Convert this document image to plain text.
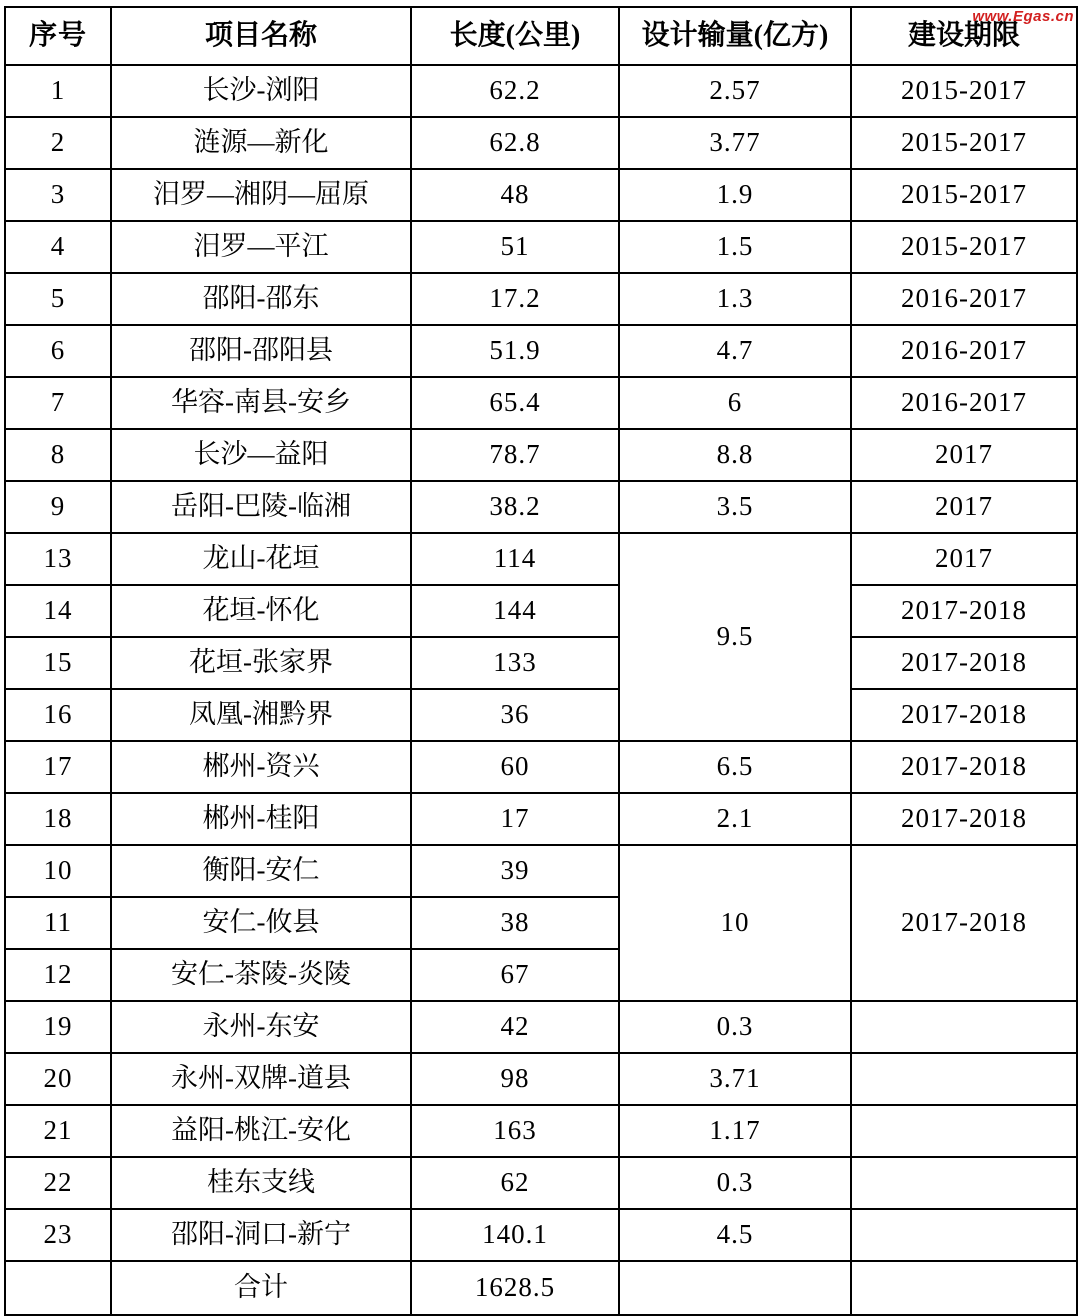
www.Egas.cn
序号	项目名称	长度(公里)	设计输量(亿方)	建设期限
1	长沙-浏阳	62.2	2.57	2015-2017
2	涟源—新化	62.8	3.77	2015-2017
3	汨罗—湘阴—屈原	48	1.9	2015-2017
4	汨罗—平江	51	1.5	2015-2017
5	邵阳-邵东	17.2	1.3	2016-2017
6	邵阳-邵阳县	51.9	4.7	2016-2017
7	华容-南县-安乡	65.4	6	2016-2017
8	长沙—益阳	78.7	8.8	2017
9	岳阳-巴陵-临湘	38.2	3.5	2017
13	龙山-花垣	114	9.5	2017
14	花垣-怀化	144		2017-2018
15	花垣-张家界	133		2017-2018
16	凤凰-湘黔界	36		2017-2018
17	郴州-资兴	60	6.5	2017-2018
18	郴州-桂阳	17	2.1	2017-2018
10	衡阳-安仁	39	10	2017-2018
11	安仁-攸县	38		
12	安仁-茶陵-炎陵	67		
19	永州-东安	42	0.3	
20	永州-双牌-道县	98	3.71	
21	益阳-桃江-安化	163	1.17	
22	桂东支线	62	0.3	
23	邵阳-洞口-新宁	140.1	4.5	
	合计	1628.5		
